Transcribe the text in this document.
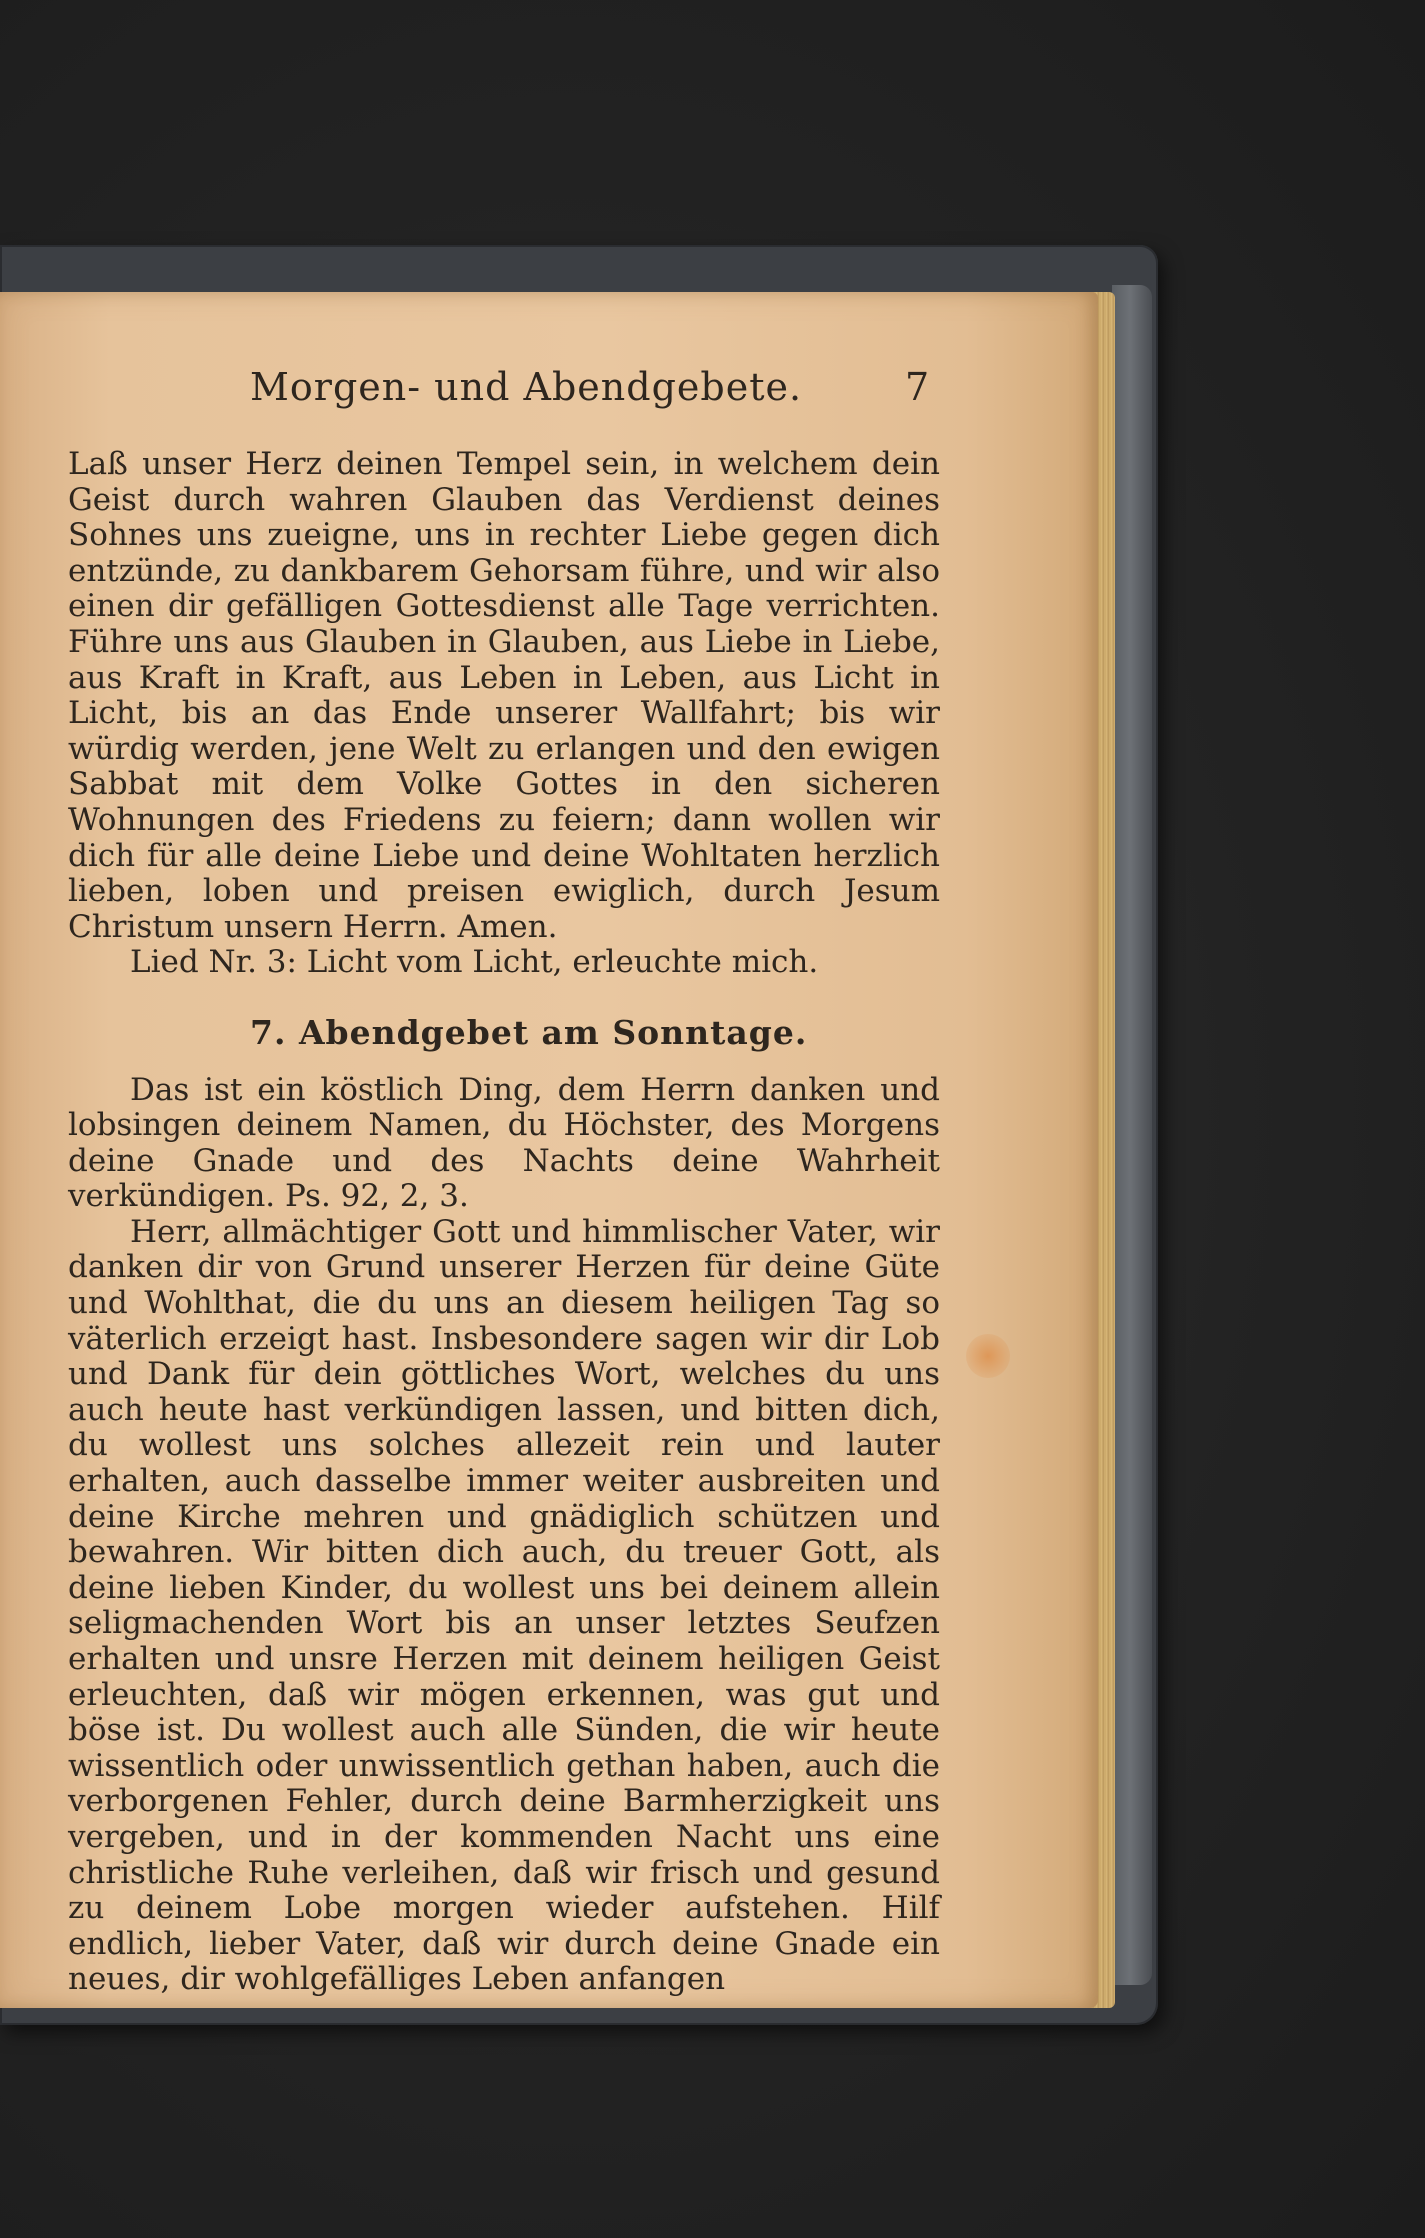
Morgen- und Abendgebete.	7

Laß unser Herz deinen Tempel sein, in welchem dein Geist durch wahren Glauben das Verdienst deines Sohnes uns zueigne, uns in rechter Liebe gegen dich entzünde, zu dankbarem Gehorsam führe, und wir also einen dir gefälligen Gottesdienst alle Tage verrichten. Führe uns aus Glauben in Glauben, aus Liebe in Liebe, aus Kraft in Kraft, aus Leben in Leben, aus Licht in Licht, bis an das Ende unserer Wallfahrt; bis wir würdig werden, jene Welt zu erlangen und den ewigen Sabbat mit dem Volke Gottes in den sicheren Wohnungen des Friedens zu feiern; dann wollen wir dich für alle deine Liebe und deine Wohltaten herzlich lieben, loben und preisen ewiglich, durch Jesum Christum unsern Herrn. Amen.

Lied Nr. 3: Licht vom Licht, erleuchte mich.

7. Abendgebet am Sonntage.

Das ist ein köstlich Ding, dem Herrn danken und lobsingen deinem Namen, du Höchster, des Morgens deine Gnade und des Nachts deine Wahrheit verkündigen. Ps. 92, 2, 3.

Herr, allmächtiger Gott und himmlischer Vater, wir danken dir von Grund unserer Herzen für deine Güte und Wohlthat, die du uns an diesem heiligen Tag so väterlich erzeigt hast. Insbesondere sagen wir dir Lob und Dank für dein göttliches Wort, welches du uns auch heute hast verkündigen lassen, und bitten dich, du wollest uns solches allezeit rein und lauter erhalten, auch dasselbe immer weiter ausbreiten und deine Kirche mehren und gnädiglich schützen und bewahren. Wir bitten dich auch, du treuer Gott, als deine lieben Kinder, du wollest uns bei deinem allein seligmachenden Wort bis an unser letztes Seufzen erhalten und unsre Herzen mit deinem heiligen Geist erleuchten, daß wir mögen erkennen, was gut und böse ist. Du wollest auch alle Sünden, die wir heute wissentlich oder unwissentlich gethan haben, auch die verborgenen Fehler, durch deine Barmherzigkeit uns vergeben, und in der kommenden Nacht uns eine christliche Ruhe verleihen, daß wir frisch und gesund zu deinem Lobe morgen wieder aufstehen. Hilf endlich, lieber Vater, daß wir durch deine Gnade ein neues, dir wohlgefälliges Leben anfangen
